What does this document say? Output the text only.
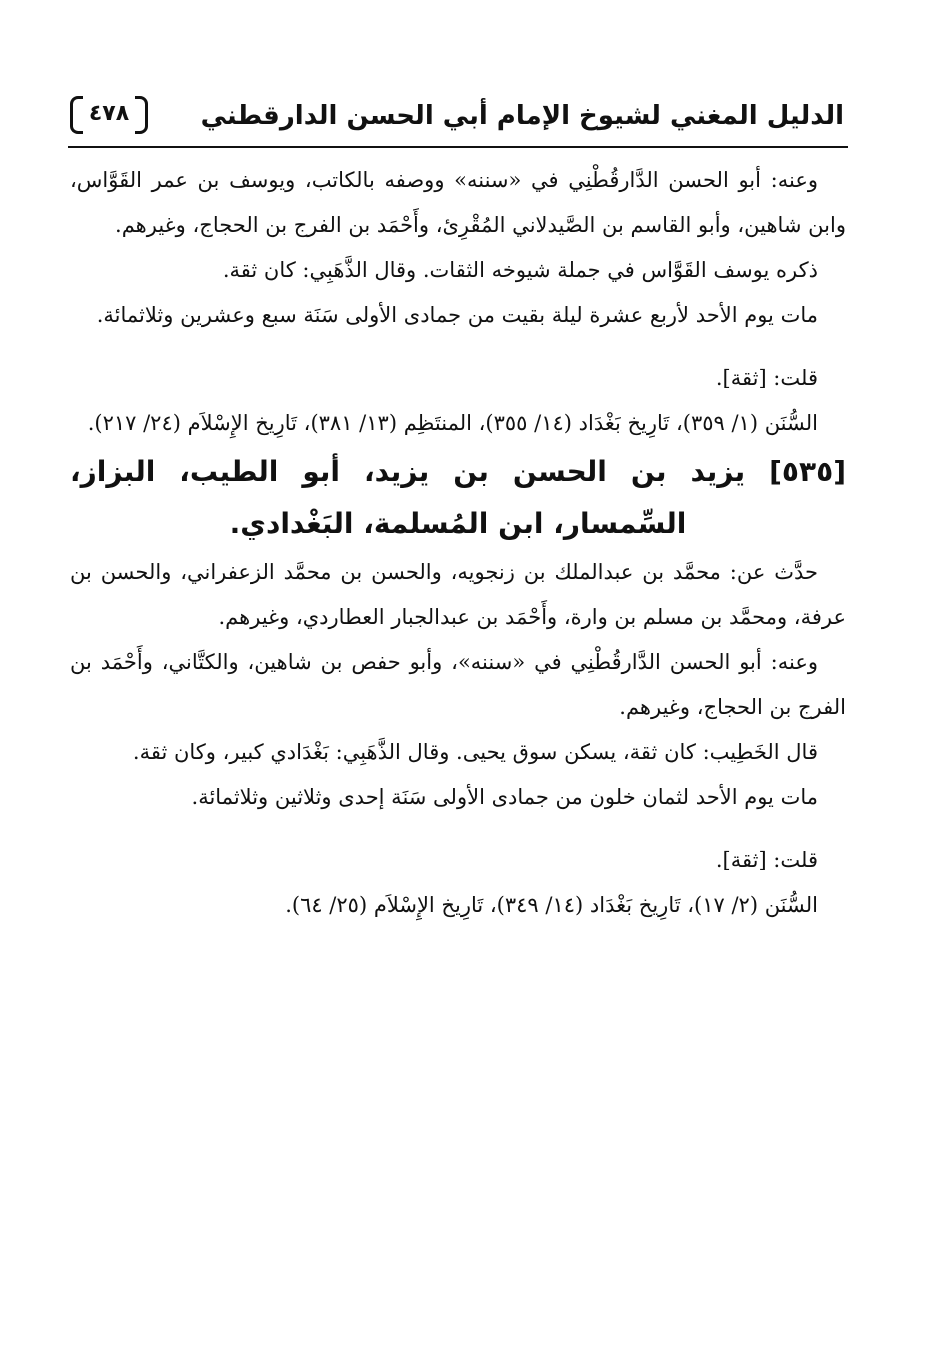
٤٧٨	الدليل المغني لشيوخ الإمام أبي الحسن الدارقطني

وعنه: أبو الحسن الدَّارقُطْنِي في «سننه» ووصفه بالكاتب، ويوسف بن عمر القَوَّاس، وابن شاهين، وأبو القاسم بن الصَّيدلاني المُقْرِئ، وأَحْمَد بن الفرج بن الحجاج، وغيرهم.

ذكره يوسف القَوَّاس في جملة شيوخه الثقات. وقال الذَّهَبِي: كان ثقة.

مات يوم الأحد لأربع عشرة ليلة بقيت من جمادى الأولى سَنَة سبع وعشرين وثلاثمائة.

قلت: [ثقة].

السُّنَن (١/ ٣٥٩)، تَارِيخ بَغْدَاد (١٤/ ٣٥٥)، المنتَظِم (١٣/ ٣٨١)، تَارِيخ الإِسْلاَم (٢٤/ ٢١٧).

[٥٣٥] يزيد بن الحسن بن يزيد، أبو الطيب، البزاز، السِّمسار، ابن المُسلمة، البَغْدادي.

حدَّث عن: محمَّد بن عبدالملك بن زنجويه، والحسن بن محمَّد الزعفراني، والحسن بن عرفة، ومحمَّد بن مسلم بن وارة، وأَحْمَد بن عبدالجبار العطاردي، وغيرهم.

وعنه: أبو الحسن الدَّارقُطْنِي في «سننه»، وأبو حفص بن شاهين، والكتَّاني، وأَحْمَد بن الفرج بن الحجاج، وغيرهم.

قال الخَطِيب: كان ثقة، يسكن سوق يحيى. وقال الذَّهَبِي: بَغْدَادي كبير، وكان ثقة.

مات يوم الأحد لثمان خلون من جمادى الأولى سَنَة إحدى وثلاثين وثلاثمائة.

قلت: [ثقة].

السُّنَن (٢/ ١٧)، تَارِيخ بَغْدَاد (١٤/ ٣٤٩)، تَارِيخ الإِسْلاَم (٢٥/ ٦٤).
